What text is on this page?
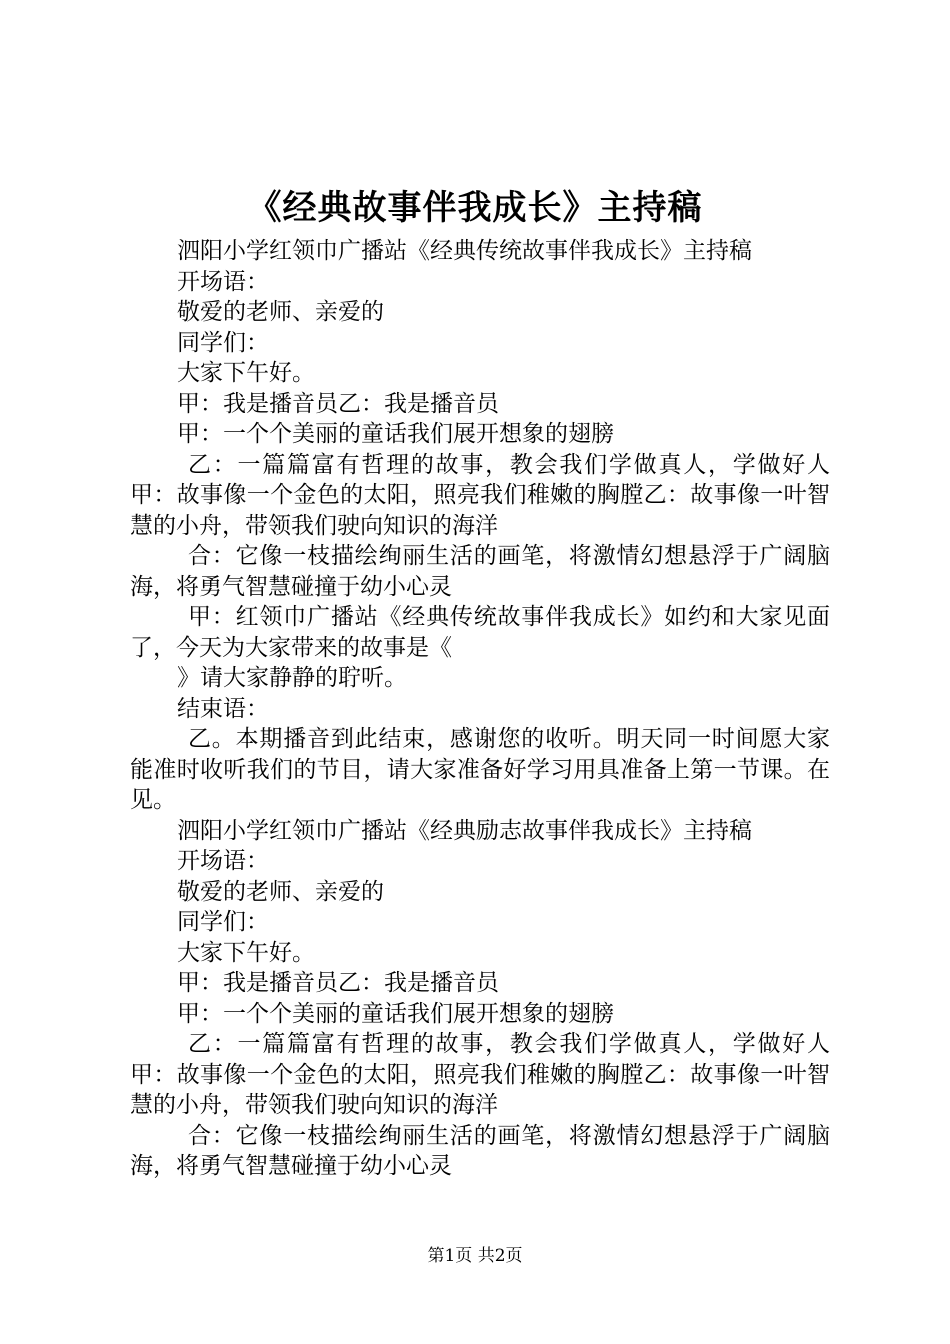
《经典故事伴我成长》主持稿

泗阳小学红领巾广播站《经典传统故事伴我成长》主持稿

开场语：

敬爱的老师、亲爱的

同学们：

大家下午好。

甲：我是播音员乙：我是播音员

甲：一个个美丽的童话我们展开想象的翅膀

乙：一篇篇富有哲理的故事，教会我们学做真人，学做好人甲：故事像一个金色的太阳，照亮我们稚嫩的胸膛乙：故事像一叶智慧的小舟，带领我们驶向知识的海洋

合：它像一枝描绘绚丽生活的画笔，将激情幻想悬浮于广阔脑海，将勇气智慧碰撞于幼小心灵

甲：红领巾广播站《经典传统故事伴我成长》如约和大家见面了，今天为大家带来的故事是《

》请大家静静的聍听。

结束语：

乙。本期播音到此结束，感谢您的收听。明天同一时间愿大家能准时收听我们的节目，请大家准备好学习用具准备上第一节课。在见。

泗阳小学红领巾广播站《经典励志故事伴我成长》主持稿

开场语：

敬爱的老师、亲爱的

同学们：

大家下午好。

甲：我是播音员乙：我是播音员

甲：一个个美丽的童话我们展开想象的翅膀

乙：一篇篇富有哲理的故事，教会我们学做真人，学做好人甲：故事像一个金色的太阳，照亮我们稚嫩的胸膛乙：故事像一叶智慧的小舟，带领我们驶向知识的海洋

合：它像一枝描绘绚丽生活的画笔，将激情幻想悬浮于广阔脑海，将勇气智慧碰撞于幼小心灵

第1页 共2页
